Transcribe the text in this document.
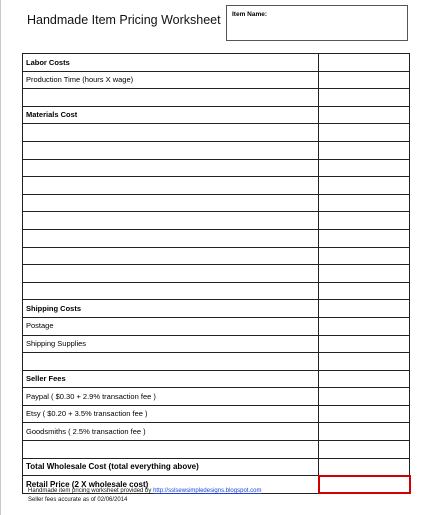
Handmade Item Pricing Worksheet Item Name:
Labor Costs	
Production Time (hours X wage)	

Materials Cost	

Shipping Costs	
Postage	
Shipping Supplies	

Seller Fees	
Paypal ( $0.30 + 2.9% transaction fee )	
Etsy ( $0.20 + 3.5% transaction fee )	
Goodsmiths ( 2.5% transaction fee )	

Total Wholesale Cost (total everything above)	
Retail Price (2 X wholesale cost)	
Handmade item pricing worksheet provided by http://sslsewsimpledesigns.blogspot.com
Seller fees accurate as of 02/06/2014
